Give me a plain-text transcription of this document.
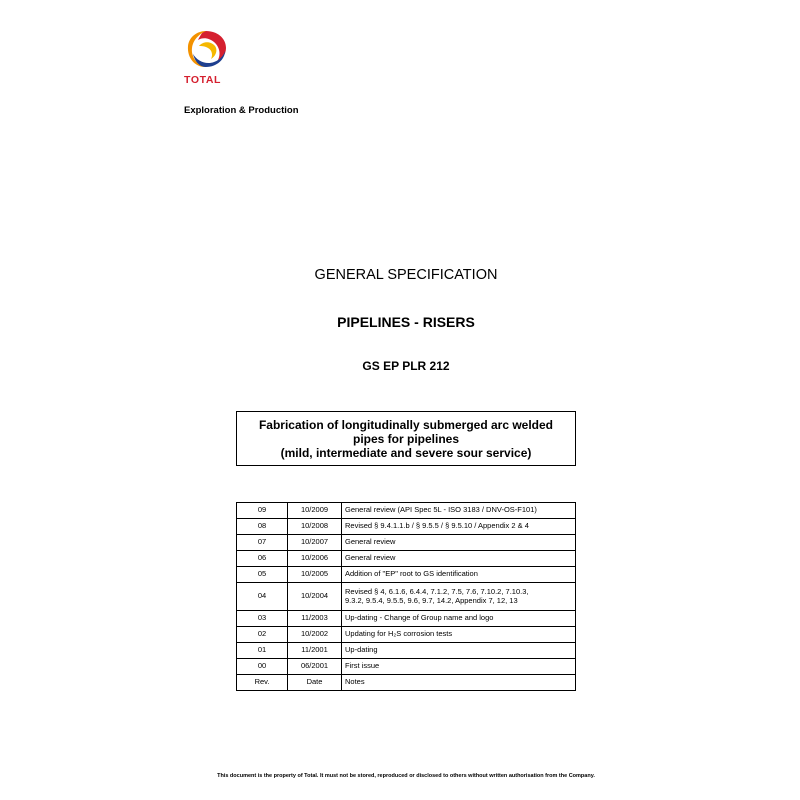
TOTAL
Exploration & Production
GENERAL SPECIFICATION
PIPELINES - RISERS
GS EP PLR 212
Fabrication of longitudinally submerged arc welded
pipes for pipelines
(mild, intermediate and severe sour service)
09	10/2009	General review (API Spec 5L - ISO 3183 / DNV-OS-F101)
08	10/2008	Revised § 9.4.1.1.b / § 9.5.5 / § 9.5.10 / Appendix 2 & 4
07	10/2007	General review
06	10/2006	General review
05	10/2005	Addition of "EP" root to GS identification
04	10/2004	Revised § 4, 6.1.6, 6.4.4, 7.1.2, 7.5, 7.6, 7.10.2, 7.10.3,
9.3.2, 9.5.4, 9.5.5, 9.6, 9.7, 14.2, Appendix 7, 12, 13

03	11/2003	Up-dating - Change of Group name and logo
02	10/2002	Updating for H₂S corrosion tests
01	11/2001	Up-dating
00	06/2001	First issue
Rev.	Date	Notes
This document is the property of Total. It must not be stored, reproduced or disclosed to others without written authorisation from the Company.
